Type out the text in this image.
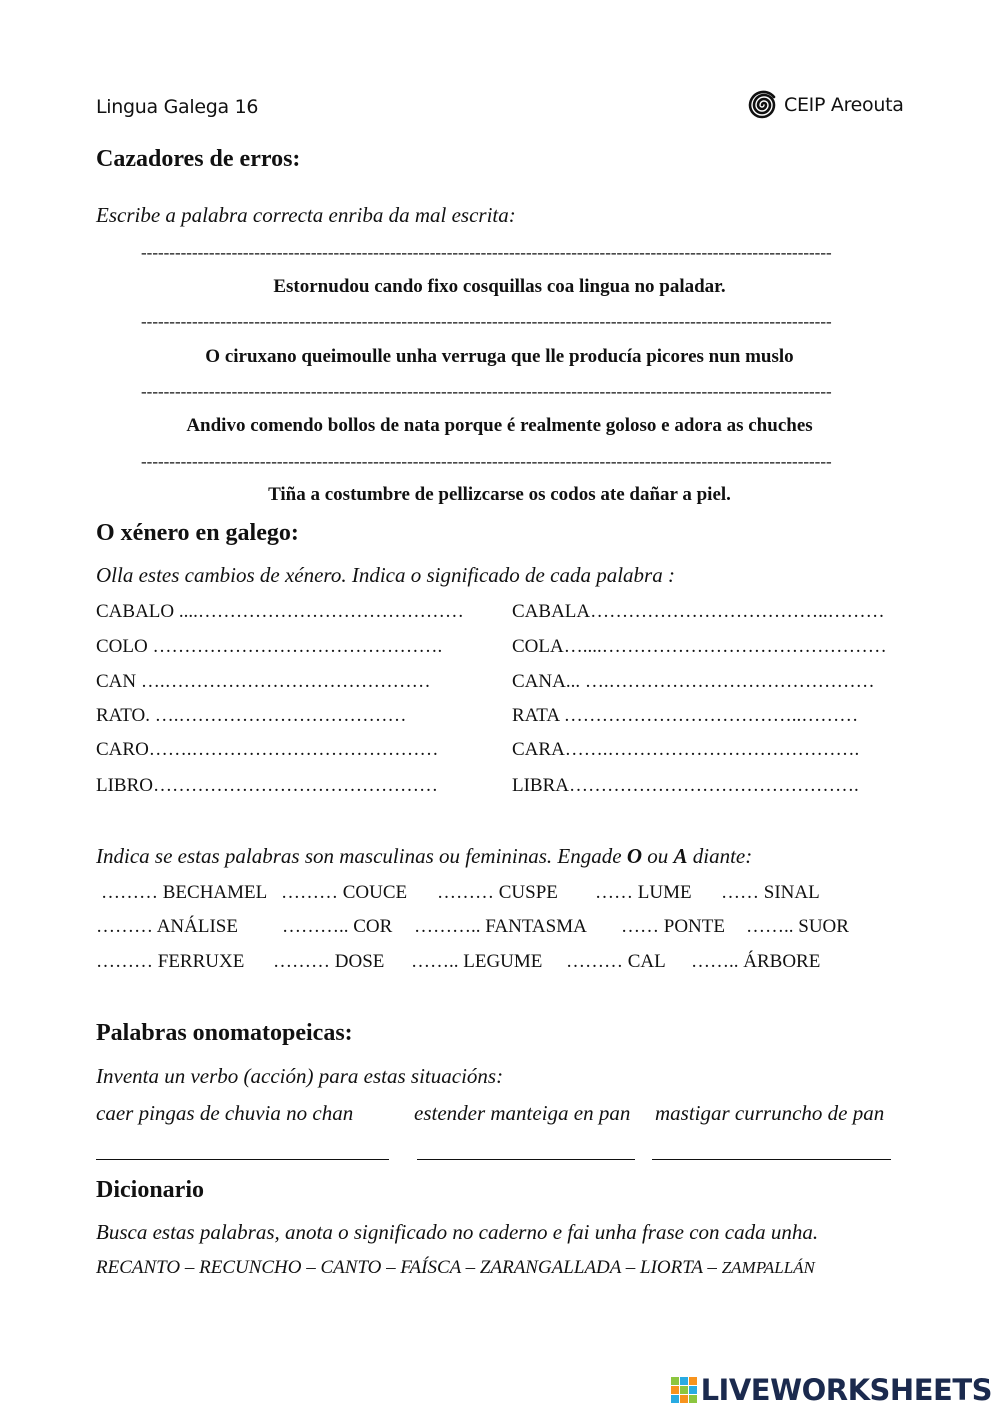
Lingua Galega 16	CEIP Areouta
Cazadores de erros:
Escribe a palabra correcta enriba da mal escrita:
--------------------------------------------------------------------------------------------------------------------------
Estornudou cando fixo cosquillas coa lingua no paladar.
--------------------------------------------------------------------------------------------------------------------------
O ciruxano queimoulle unha verruga que lle producía picores nun muslo
--------------------------------------------------------------------------------------------------------------------------
Andivo comendo bollos de nata porque é realmente goloso e adora as chuches
--------------------------------------------------------------------------------------------------------------------------
Tiña a costumbre de pellizcarse os codos ate dañar a piel.
O xénero en galego:
Olla estes cambios de xénero. Indica o significado de cada palabra :
CABALO ....……………………………………	CABALA………………………………..………
COLO ……………………………………….	COLA…....………………………………………
CAN ….……………………………………	CANA... ….……………………………………
RATO. ….………………………………	RATA ………………………………..………
CARO…….…………………………………	CARA…….………………………………….
LIBRO………………………………………	LIBRA……………………………………….
Indica se estas palabras son masculinas ou femininas. Engade O ou A diante:
……… BECHAMEL ……… COUCE ……… CUSPE …… LUME …… SINAL
……… ANÁLISE ……….. COR ……….. FANTASMA …… PONTE …….. SUOR
……… FERRUXE ……… DOSE …….. LEGUME ……… CAL …….. ÁRBORE
Palabras onomatopeicas:
Inventa un verbo (acción) para estas situacións:
caer pingas de chuvia no chan	estender manteiga en pan mastigar curruncho de pan
Dicionario
Busca estas palabras, anota o significado no caderno e fai unha frase con cada unha.
RECANTO – RECUNCHO – CANTO – FAÍSCA – ZARANGALLADA – LIORTA – ZAMPALLÁN
LIVEWORKSHEETS
